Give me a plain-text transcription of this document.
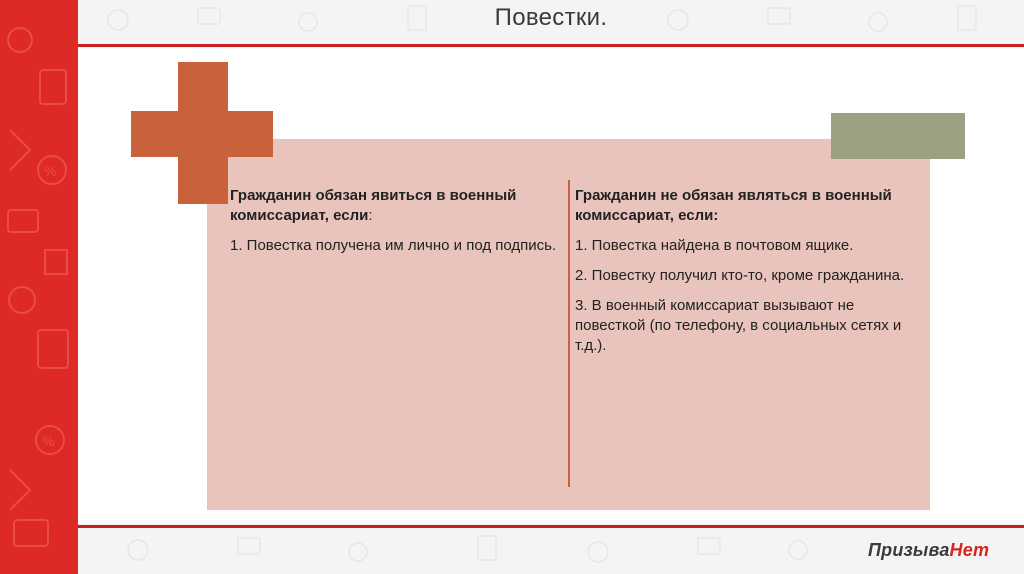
%
%
Повестки.
Гражданин обязан явиться в военный комиссариат, если:

1. Повестка получена им лично и под подпись.

Гражданин не обязан являться в военный комиссариат, если:

1. Повестка найдена в почтовом ящике.

2. Повестку получил кто-то, кроме гражданина.

3. В военный комиссариат вызывают не повесткой (по телефону, в социальных сетях и т.д.).

ПризываНет
